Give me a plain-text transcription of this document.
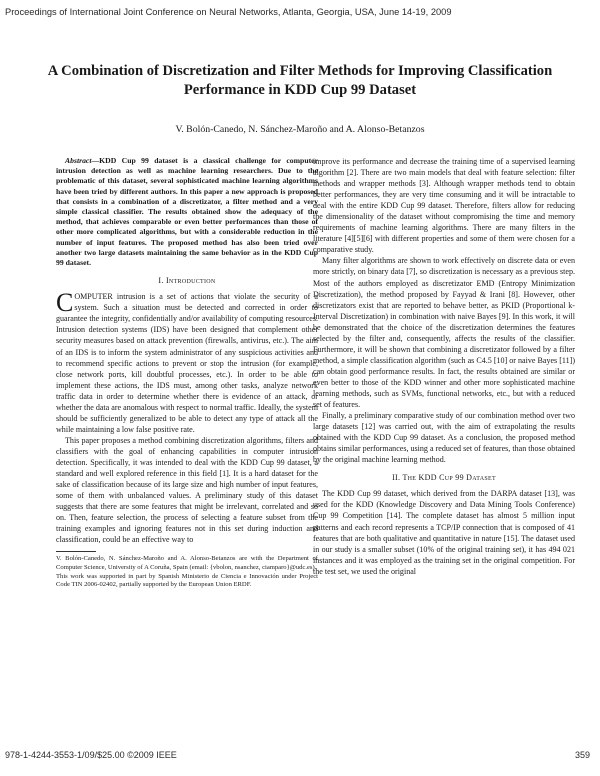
Proceedings of International Joint Conference on Neural Networks, Atlanta, Georgia, USA, June 14-19, 2009
A Combination of Discretization and Filter Methods for Improving Classification Performance in KDD Cup 99 Dataset
V. Bolón-Canedo, N. Sánchez-Maroño and A. Alonso-Betanzos

Abstract—KDD Cup 99 dataset is a classical challenge for computer intrusion detection as well as machine learning researchers. Due to the problematic of this dataset, several sophisticated machine learning algorithms have been tried by different authors. In this paper a new approach is proposed that consists in a combination of a discretizator, a filter method and a very simple classical classifier. The results obtained show the adequacy of the method, that achieves comparable or even better performances than those of other more complicated algorithms, but with a considerable reduction in the number of input features. The proposed method has also been tried over another two large datasets maintaining the same behavior as in the KDD Cup 99 dataset.

I. Introduction
C OMPUTER intrusion is a set of actions that violate the security of a system. Such a situation must be detected and corrected in order to guarantee the integrity, confidentially and/or availability of computing resources. Intrusion detection systems (IDS) have been designed that complement other security measures based on attack prevention (firewalls, antivirus, etc.). The aim of an IDS is to inform the system administrator of any suspicious activities and to recommend specific actions to prevent or stop the intrusion (for example, close network ports, kill doubtful processes, etc.). In order to be able to implement these actions, the IDS must, among other tasks, analyze network traffic data in order to determine whether there is evidence of an attack, or whether the data are anomalous with respect to normal traffic. Ideally, the system should be sufficiently generalized to be able to detect any type of attack all the while maintaining a low false positive rate.

This paper proposes a method combining discretization algorithms, filters and classifiers with the goal of enhancing capabilities in computer intrusion detection. Specifically, it was intended to deal with the KDD Cup 99 dataset, a standard and well explored reference in this field [1]. It is a hard dataset for the sake of classification because of its large size and high number of input features, some of them with unbalanced values. A preliminary study of this dataset suggests that there are some features that might be irrelevant, correlated and so on. Then, feature selection, the process of selecting a feature subset from the training examples and ignoring features not in this set during induction and classification, could be an effective way to

V. Bolón-Canedo, N. Sánchez-Maroño and A. Alonso-Betanzos are with the Department of Computer Science, University of A Coruña, Spain (email: {vbolon, nsanchez, ciamparo}@udc.es).
This work was supported in part by Spanish Ministerio de Ciencia e Innovación under Project Code TIN 2006-02402, partially supported by the European Union ERDF.

improve its performance and decrease the training time of a supervised learning algorithm [2]. There are two main models that deal with feature selection: filter methods and wrapper methods [3]. Although wrapper methods tend to obtain better performances, they are very time consuming and it will be intractable to deal with the entire KDD Cup 99 dataset. Therefore, filters allow for reducing the dimensionality of the dataset without compromising the time and memory requirements of machine learning algorithms. There are many filters in the literature [4][5][6] with different properties and some of them were chosen for a comparative study.

Many filter algorithms are shown to work effectively on discrete data or even more strictly, on binary data [7], so discretization is necessary as a previous step. Most of the authors employed as discretizator EMD (Entropy Minimization Discretization), the method proposed by Fayyad & Irani [8]. However, other discretizators exist that are reported to behave better, as PKID (Proportional k-Interval Discretization) in combination with naive Bayes [9]. In this work, it will be demonstrated that the choice of the discretization determines the features selected by the filter and, consequently, affects the results of the classifier. Furthermore, it will be shown that combining a discretizator followed by a filter method, a simple classification algorithm (such as C4.5 [10] or naive Bayes [11]) can obtain good performance results. In fact, the results obtained are similar or even better to those of the KDD winner and other more sophisticated machine learning methods, such as SVMs, functional networks, etc., but with a reduced set of features.

Finally, a preliminary comparative study of our combination method over two large datasets [12] was carried out, with the aim of extrapolating the results obtained with the KDD Cup 99 dataset. As a conclusion, the proposed method obtains similar performances, using a reduced set of features, than those obtained by the original machine learning method.

II. The KDD Cup 99 Dataset

The KDD Cup 99 dataset, which derived from the DARPA dataset [13], was used for the KDD (Knowledge Discovery and Data Mining Tools Conference) Cup 99 Competition [14]. The complete dataset has almost 5 million input patterns and each record represents a TCP/IP connection that is composed of 41 features that are both qualitative and quantitative in nature [15]. The dataset used in our study is a smaller subset (10% of the original training set), it has 494 021 instances and it was employed as the training set in the original competition. For the test set, we used the original

978-1-4244-3553-1/09/$25.00 ©2009 IEEE	359
